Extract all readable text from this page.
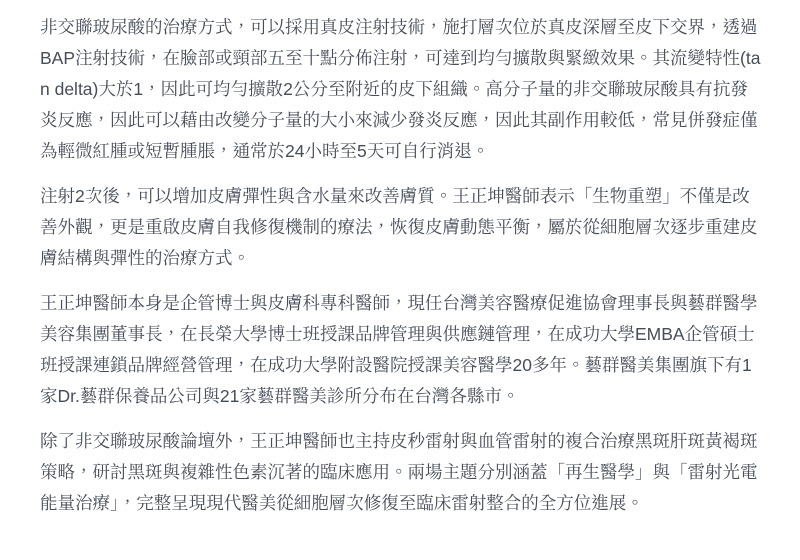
非交聯玻尿酸的治療方式，可以採用真皮注射技術，施打層次位於真皮深層至皮下交界，透過BAP注射技術，在臉部或頸部五至十點分佈注射，可達到均勻擴散與緊緻效果。其流變特性(tan delta)大於1，因此可均勻擴散2公分至附近的皮下組織。高分子量的非交聯玻尿酸具有抗發炎反應，因此可以藉由改變分子量的大小來減少發炎反應，因此其副作用較低，常見併發症僅為輕微紅腫或短暫腫脹，通常於24小時至5天可自行消退。

注射2次後，可以增加皮膚彈性與含水量來改善膚質。王正坤醫師表示「生物重塑」不僅是改善外觀，更是重啟皮膚自我修復機制的療法，恢復皮膚動態平衡，屬於從細胞層次逐步重建皮膚結構與彈性的治療方式。

王正坤醫師本身是企管博士與皮膚科專科醫師，現任台灣美容醫療促進協會理事長與藝群醫學美容集團董事長，在長榮大學博士班授課品牌管理與供應鏈管理，在成功大學EMBA企管碩士班授課連鎖品牌經營管理，在成功大學附設醫院授課美容醫學20多年。藝群醫美集團旗下有1家Dr.藝群保養品公司與21家藝群醫美診所分布在台灣各縣市。

除了非交聯玻尿酸論壇外，王正坤醫師也主持皮秒雷射與血管雷射的複合治療黑斑肝斑黃褐斑策略，研討黑斑與複雜性色素沉著的臨床應用。兩場主題分別涵蓋「再生醫學」與「雷射光電能量治療」，完整呈現現代醫美從細胞層次修復至臨床雷射整合的全方位進展。
